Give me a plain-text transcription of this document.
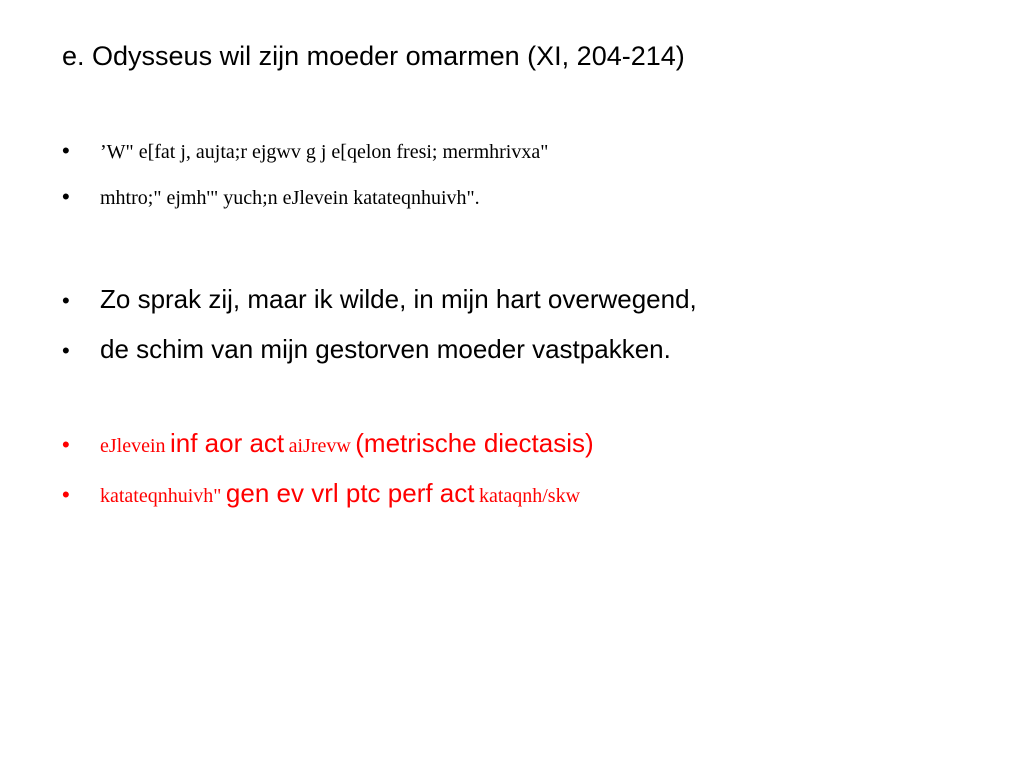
e. Odysseus wil zijn moeder omarmen (XI, 204-214)
• ’W" e[fat j, aujta;r ejgwv g j e[qelon fresi; mermhrivxa"
• mhtro;" ejmh'" yuch;n eJlevein katateqnhuivh".
• Zo sprak zij, maar ik wilde, in mijn hart overwegend,
• de schim van mijn gestorven moeder vastpakken.
• eJlevein inf aor act aiJrevw (metrische diectasis)
• katateqnhuivh" gen ev vrl ptc perf act kataqnh/skw
